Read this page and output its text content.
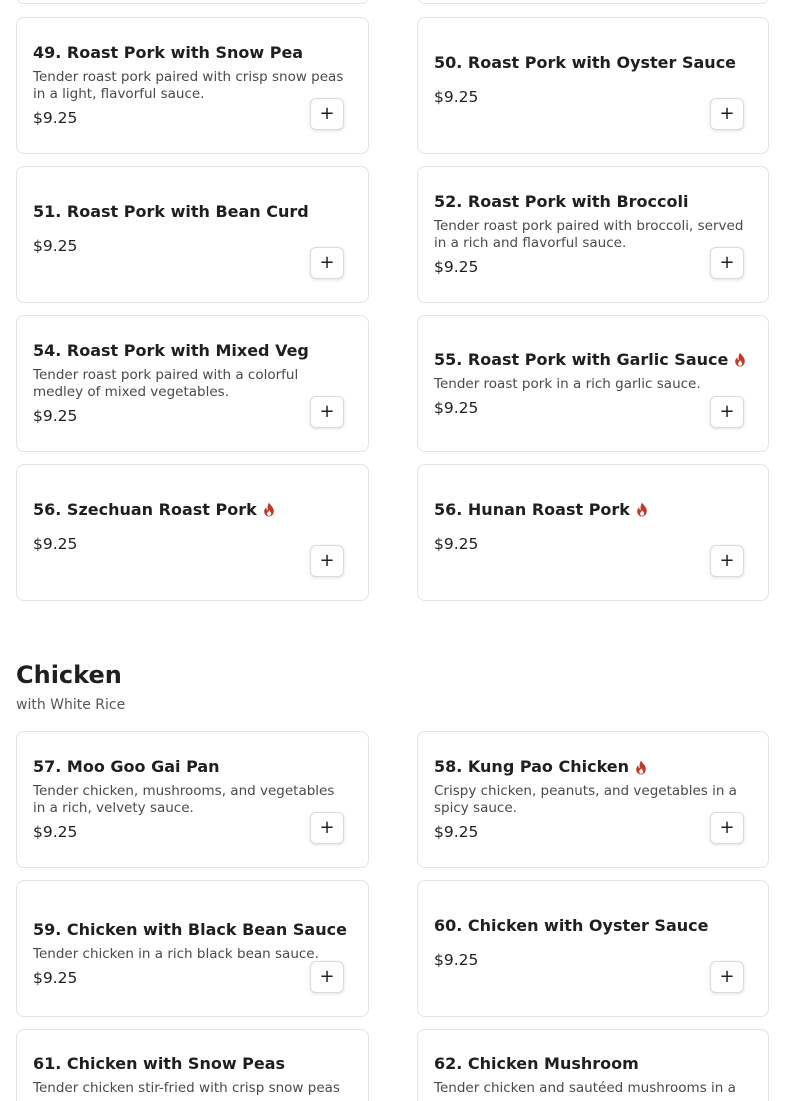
49. Roast Pork with Snow Pea
Tender roast pork paired with crisp snow peas in a light, flavorful sauce.
$9.25	+
50. Roast Pork with Oyster Sauce
$9.25
+
51. Roast Pork with Bean Curd
$9.25
+
52. Roast Pork with Broccoli
Tender roast pork paired with broccoli, served in a rich and flavorful sauce.
$9.25	+
54. Roast Pork with Mixed Veg
Tender roast pork paired with a colorful medley of mixed vegetables.
$9.25	+
55. Roast Pork with Garlic Sauce
Tender roast pork in a rich garlic sauce.
$9.25	+
56. Szechuan Roast Pork
$9.25
+
56. Hunan Roast Pork
$9.25
+
Chicken
with White Rice
57. Moo Goo Gai Pan
Tender chicken, mushrooms, and vegetables in a rich, velvety sauce.
$9.25	+
58. Kung Pao Chicken
Crispy chicken, peanuts, and vegetables in a spicy sauce.
$9.25	+
59. Chicken with Black Bean Sauce
Tender chicken in a rich black bean sauce.
$9.25	+
60. Chicken with Oyster Sauce
$9.25
+
61. Chicken with Snow Peas
Tender chicken stir-fried with crisp snow peas
62. Chicken Mushroom
Tender chicken and sautéed mushrooms in a
